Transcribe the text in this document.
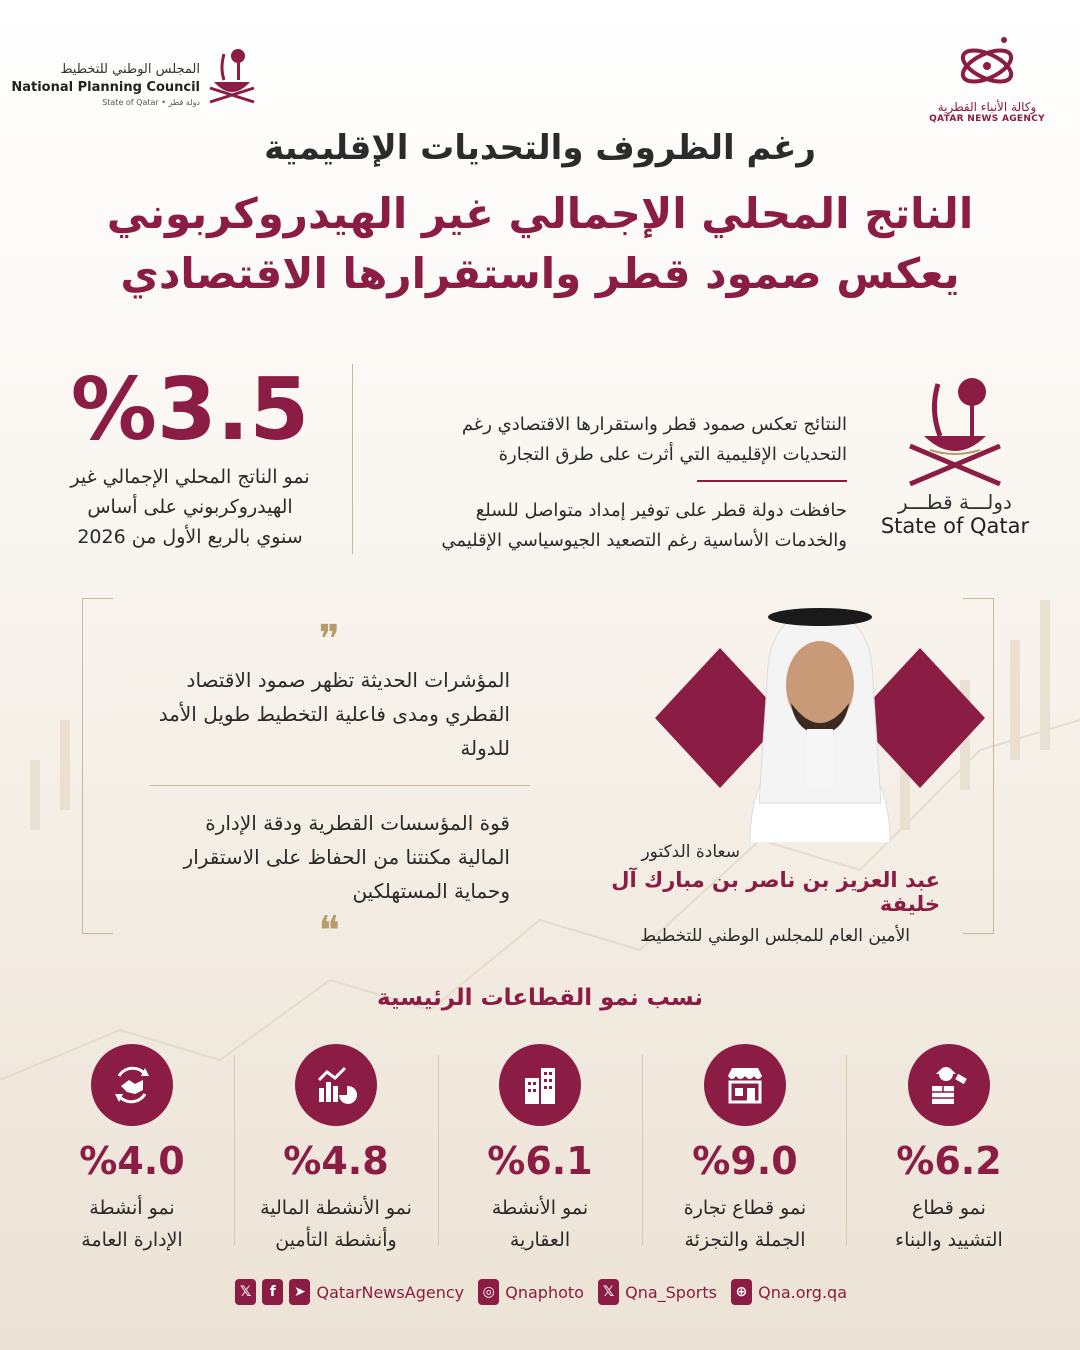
المجلس الوطني للتخطيط
National Planning Council
State of Qatar • دولة قطر	وكالة الأنباء القطرية
QATAR NEWS AGENCY
رغم الظروف والتحديات الإقليمية
الناتج المحلي الإجمالي غير الهيدروكربوني
يعكس صمود قطر واستقرارها الاقتصادي
%3.5
نمو الناتج المحلي الإجمالي غير
الهيدروكربوني على أساس
سنوي بالربع الأول من 2026

النتائج تعكس صمود قطر واستقرارها الاقتصادي رغم

التحديات الإقليمية التي أثرت على طرق التجارة

حافظت دولة قطر على توفير إمداد متواصل للسلع

والخدمات الأساسية رغم التصعيد الجيوسياسي الإقليمي

دولـــة قطـــر
State of Qatar
❞
المؤشرات الحديثة تظهر صمود الاقتصاد
القطري ومدى فاعلية التخطيط طويل الأمد
للدولة
قوة المؤسسات القطرية ودقة الإدارة
المالية مكنتنا من الحفاظ على الاستقرار
وحماية المستهلكين
❝
سعادة الدكتور
عبد العزيز بن ناصر بن مبارك آل خليفة
الأمين العام للمجلس الوطني للتخطيط
نسب نمو القطاعات الرئيسية
%6.2
نمو قطاع
التشييد والبناء
%9.0
نمو قطاع تجارة
الجملة والتجزئة
%6.1
نمو الأنشطة
العقارية
%4.8
نمو الأنشطة المالية
وأنشطة التأمين
%4.0
نمو أنشطة
الإدارة العامة
𝕏	f	➤ QatarNewsAgency	◎ Qnaphoto	𝕏 Qna_Sports	⊕ Qna.org.qa
